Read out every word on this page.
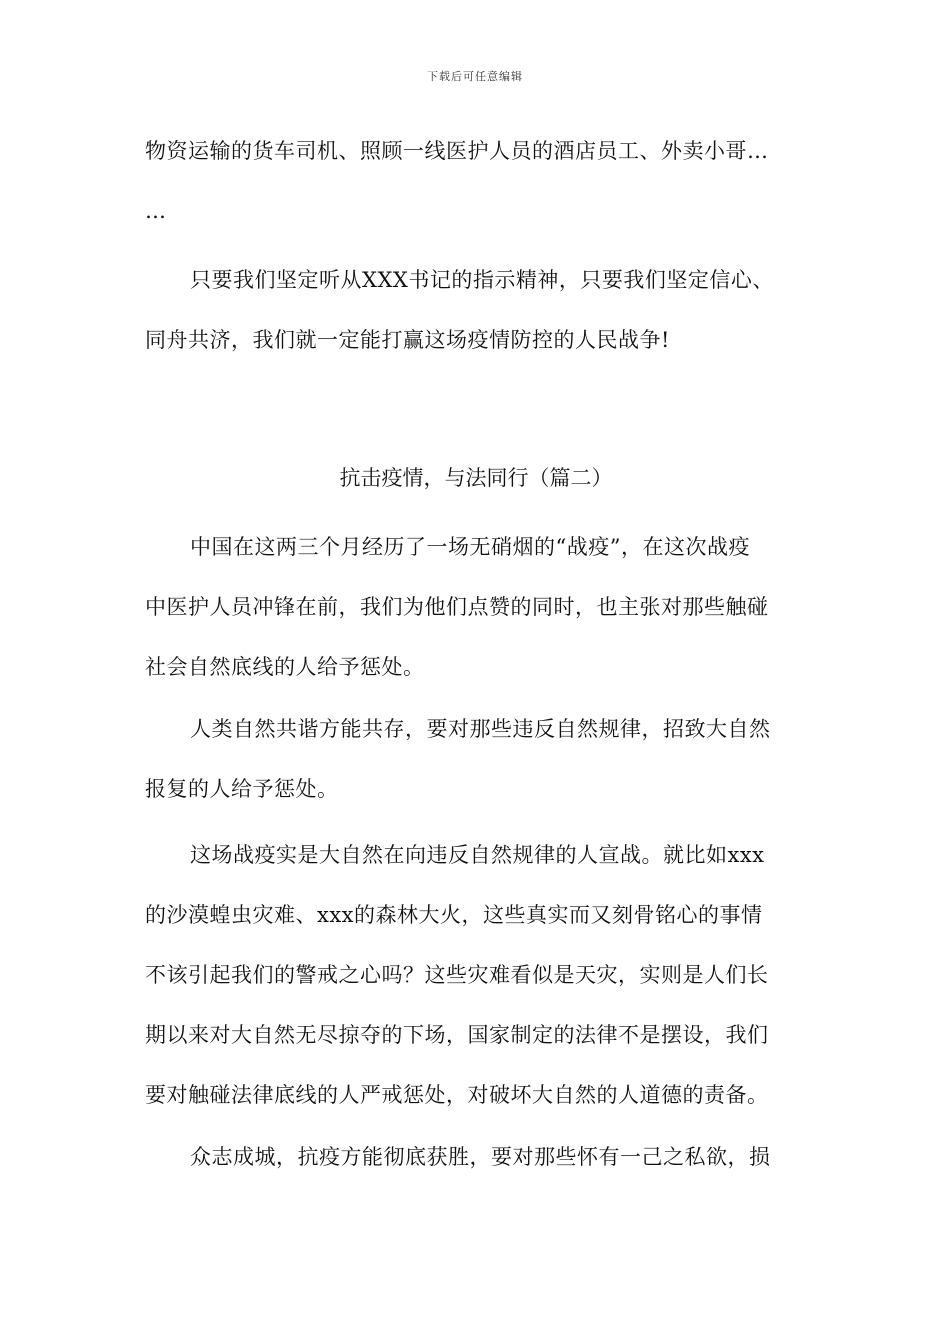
下载后可任意编辑
物资运输的货车司机、照顾一线医护人员的酒店员工、外卖小哥…
…
只要我们坚定听从XXX书记的指示精神，只要我们坚定信心、
同舟共济，我们就一定能打赢这场疫情防控的人民战争!
抗击疫情，与法同行（篇二）
中国在这两三个月经历了一场无硝烟的“战疫”，在这次战疫
中医护人员冲锋在前，我们为他们点赞的同时，也主张对那些触碰
社会自然底线的人给予惩处。
人类自然共谐方能共存，要对那些违反自然规律，招致大自然
报复的人给予惩处。
这场战疫实是大自然在向违反自然规律的人宣战。就比如xxx
的沙漠蝗虫灾难、xxx的森林大火，这些真实而又刻骨铭心的事情
不该引起我们的警戒之心吗？这些灾难看似是天灾，实则是人们长
期以来对大自然无尽掠夺的下场，国家制定的法律不是摆设，我们
要对触碰法律底线的人严戒惩处，对破坏大自然的人道德的责备。
众志成城，抗疫方能彻底获胜，要对那些怀有一己之私欲，损
